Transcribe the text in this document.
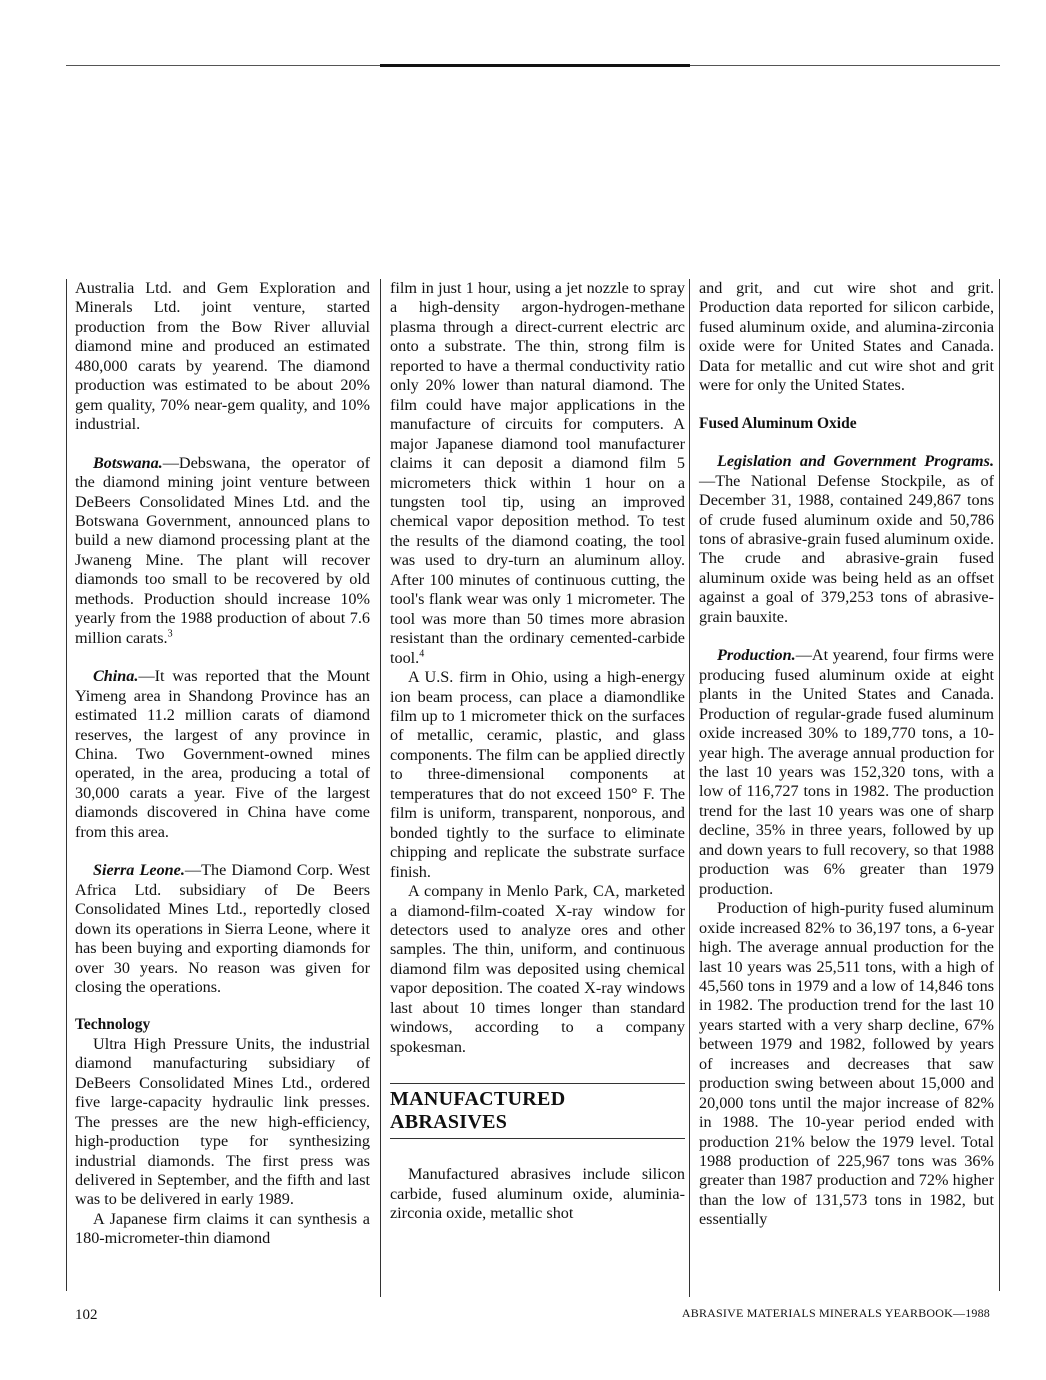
Australia Ltd. and Gem Exploration and Minerals Ltd. joint venture, started production from the Bow River alluvial diamond mine and produced an estimated 480,000 carats by yearend. The diamond production was estimated to be about 20% gem quality, 70% near-gem quality, and 10% industrial.

Botswana.—Debswana, the operator of the diamond mining joint venture between DeBeers Consolidated Mines Ltd. and the Botswana Government, announced plans to build a new diamond processing plant at the Jwaneng Mine. The plant will recover diamonds too small to be recovered by old methods. Production should increase 10% yearly from the 1988 production of about 7.6 million carats.$^3$

China.—It was reported that the Mount Yimeng area in Shandong Province has an estimated 11.2 million carats of diamond reserves, the largest of any province in China. Two Government-owned mines operated, in the area, producing a total of 30,000 carats a year. Five of the largest diamonds discovered in China have come from this area.

Sierra Leone.—The Diamond Corp. West Africa Ltd. subsidiary of De Beers Consolidated Mines Ltd., reportedly closed down its operations in Sierra Leone, where it has been buying and exporting diamonds for over 30 years. No reason was given for closing the operations.

Technology

Ultra High Pressure Units, the industrial diamond manufacturing subsidiary of DeBeers Consolidated Mines Ltd., ordered five large-capacity hydraulic link presses. The presses are the new high-efficiency, high-production type for synthesizing industrial diamonds. The first press was delivered in September, and the fifth and last was to be delivered in early 1989.

A Japanese firm claims it can synthesis a 180-micrometer-thin diamond

film in just 1 hour, using a jet nozzle to spray a high-density argon-hydrogen-methane plasma through a direct-current electric arc onto a substrate. The thin, strong film is reported to have a thermal conductivity ratio only 20% lower than natural diamond. The film could have major applications in the manufacture of circuits for computers. A major Japanese diamond tool manufacturer claims it can deposit a diamond film 5 micrometers thick within 1 hour on a tungsten tool tip, using an improved chemical vapor deposition method. To test the results of the diamond coating, the tool was used to dry-turn an aluminum alloy. After 100 minutes of continuous cutting, the tool's flank wear was only 1 micrometer. The tool was more than 50 times more abrasion resistant than the ordinary cemented-carbide tool.$^4$

A U.S. firm in Ohio, using a high-energy ion beam process, can place a diamondlike film up to 1 micrometer thick on the surfaces of metallic, ceramic, plastic, and glass components. The film can be applied directly to three-dimensional components at temperatures that do not exceed 150° F. The film is uniform, transparent, nonporous, and bonded tightly to the surface to eliminate chipping and replicate the substrate surface finish.

A company in Menlo Park, CA, marketed a diamond-film-coated X-ray window for detectors used to analyze ores and other samples. The thin, uniform, and continuous diamond film was deposited using chemical vapor deposition. The coated X-ray windows last about 10 times longer than standard windows, according to a company spokesman.

MANUFACTURED
ABRASIVES

Manufactured abrasives include silicon carbide, fused aluminum oxide, aluminia-zirconia oxide, metallic shot

and grit, and cut wire shot and grit. Production data reported for silicon carbide, fused aluminum oxide, and alumina-zirconia oxide were for United States and Canada. Data for metallic and cut wire shot and grit were for only the United States.

Fused Aluminum Oxide

Legislation and Government Programs.—The National Defense Stockpile, as of December 31, 1988, contained 249,867 tons of crude fused aluminum oxide and 50,786 tons of abrasive-grain fused aluminum oxide. The crude and abrasive-grain fused aluminum oxide was being held as an offset against a goal of 379,253 tons of abrasive-grain bauxite.

Production.—At yearend, four firms were producing fused aluminum oxide at eight plants in the United States and Canada. Production of regular-grade fused aluminum oxide increased 30% to 189,770 tons, a 10-year high. The average annual production for the last 10 years was 152,320 tons, with a low of 116,727 tons in 1982. The production trend for the last 10 years was one of sharp decline, 35% in three years, followed by up and down years to full recovery, so that 1988 production was 6% greater than 1979 production.

Production of high-purity fused aluminum oxide increased 82% to 36,197 tons, a 6-year high. The average annual production for the last 10 years was 25,511 tons, with a high of 45,560 tons in 1979 and a low of 14,846 tons in 1982. The production trend for the last 10 years started with a very sharp decline, 67% between 1979 and 1982, followed by years of increases and decreases that saw production swing between about 15,000 and 20,000 tons until the major increase of 82% in 1988. The 10-year period ended with production 21% below the 1979 level. Total 1988 production of 225,967 tons was 36% greater than 1987 production and 72% higher than the low of 131,573 tons in 1982, but essentially

102	ABRASIVE MATERIALS MINERALS YEARBOOK—1988
